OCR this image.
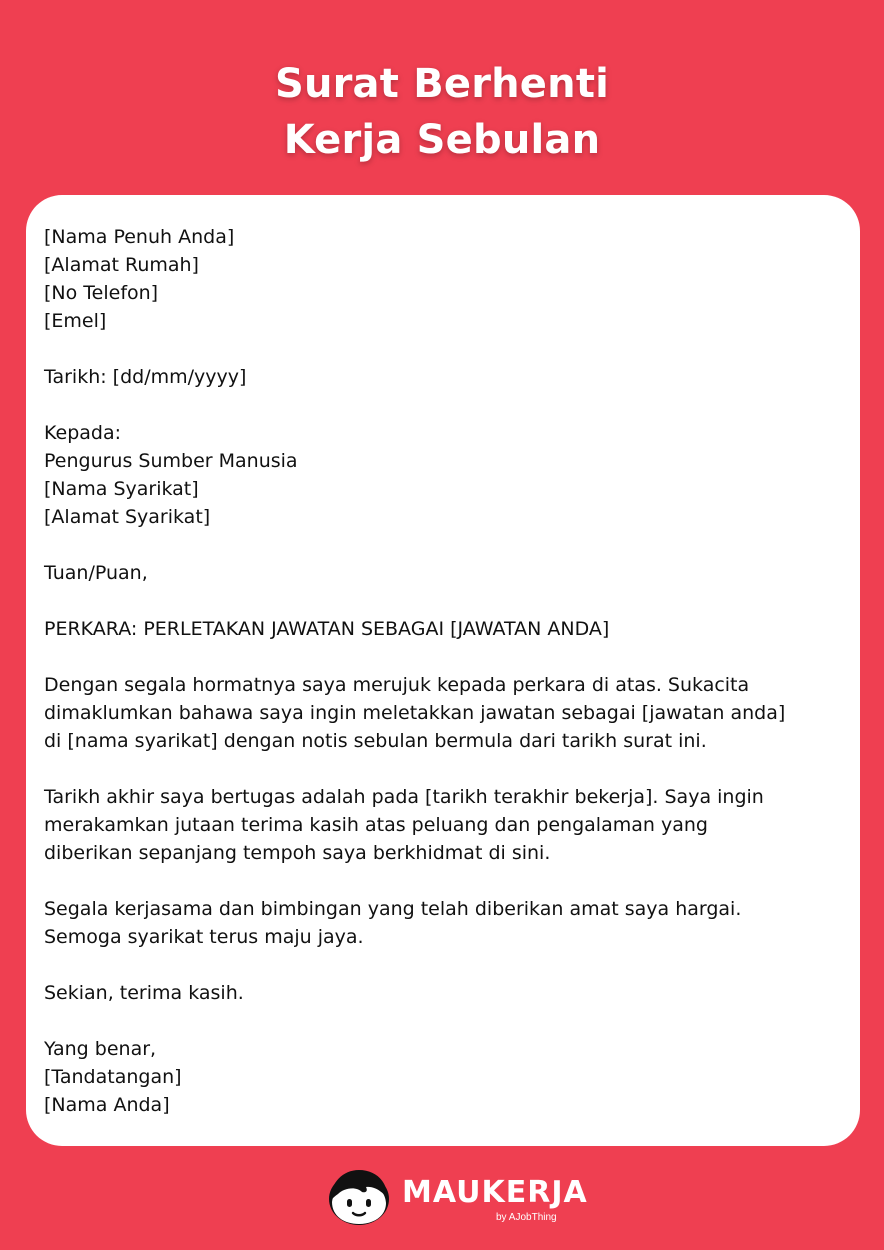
Surat Berhenti
Kerja Sebulan
[Nama Penuh Anda]
[Alamat Rumah]
[No Telefon]
[Emel]
Tarikh: [dd/mm/yyyy]
Kepada:
Pengurus Sumber Manusia
[Nama Syarikat]
[Alamat Syarikat]
Tuan/Puan,
PERKARA: PERLETAKAN JAWATAN SEBAGAI [JAWATAN ANDA]
Dengan segala hormatnya saya merujuk kepada perkara di atas. Sukacita
dimaklumkan bahawa saya ingin meletakkan jawatan sebagai [jawatan anda]
di [nama syarikat] dengan notis sebulan bermula dari tarikh surat ini.
Tarikh akhir saya bertugas adalah pada [tarikh terakhir bekerja]. Saya ingin
merakamkan jutaan terima kasih atas peluang dan pengalaman yang
diberikan sepanjang tempoh saya berkhidmat di sini.
Segala kerjasama dan bimbingan yang telah diberikan amat saya hargai.
Semoga syarikat terus maju jaya.
Sekian, terima kasih.
Yang benar,
[Tandatangan]
[Nama Anda]
MAUKERJA
by AJobThing
